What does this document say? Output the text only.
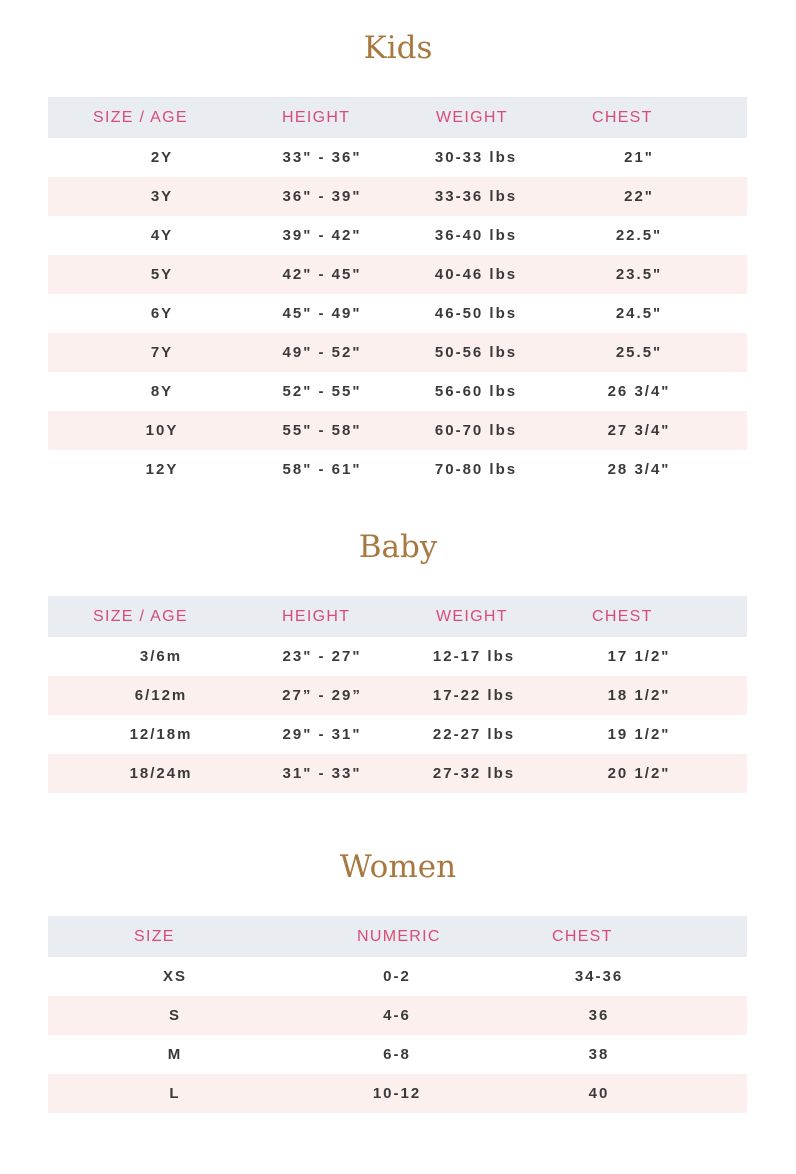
Kids
SIZE / AGE	HEIGHT	WEIGHT	CHEST
2Y	33" - 36"	30-33 lbs	21"
3Y	36" - 39"	33-36 lbs	22"
4Y	39" - 42"	36-40 lbs	22.5"
5Y	42" - 45"	40-46 lbs	23.5"
6Y	45" - 49"	46-50 lbs	24.5"
7Y	49" - 52"	50-56 lbs	25.5"
8Y	52" - 55"	56-60 lbs	26 3/4"
10Y	55" - 58"	60-70 lbs	27 3/4"
12Y	58" - 61"	70-80 lbs	28 3/4"
Baby
SIZE / AGE	HEIGHT	WEIGHT	CHEST
3/6m	23" - 27"	12-17 lbs	17 1/2"
6/12m	27” - 29”	17-22 lbs	18 1/2"
12/18m	29" - 31"	22-27 lbs	19 1/2"
18/24m	31" - 33"	27-32 lbs	20 1/2"
Women
SIZE	NUMERIC	CHEST
XS	0-2	34-36
S	4-6	36
M	6-8	38
L	10-12	40
